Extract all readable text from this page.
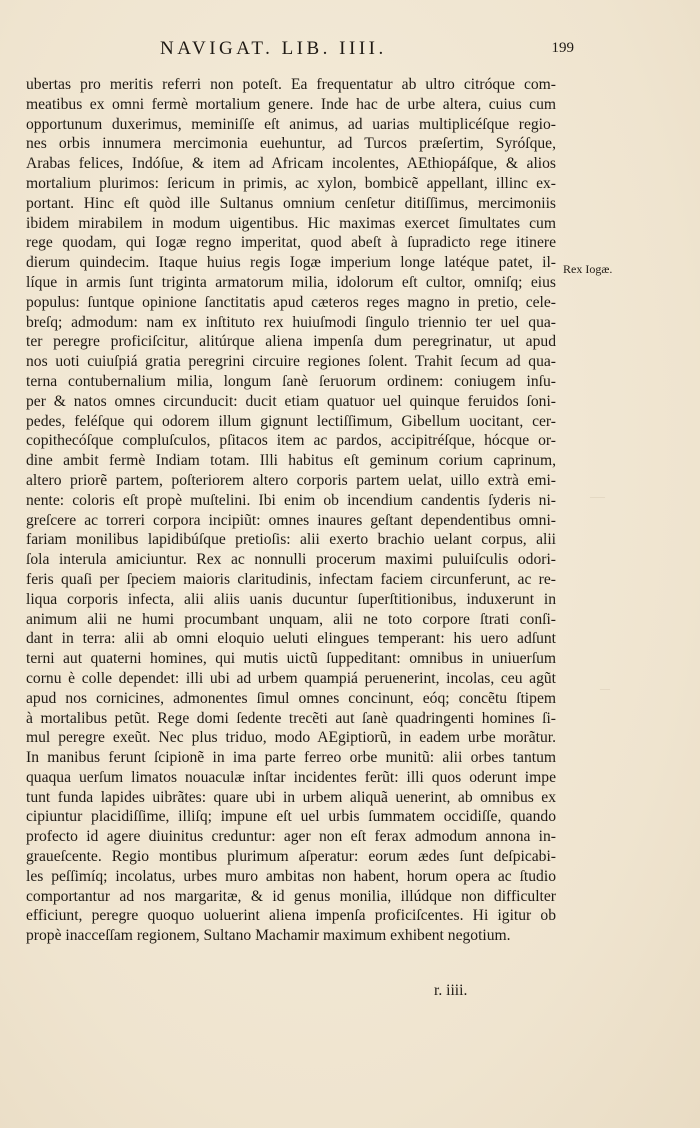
NAVIGAT. LIB. IIII.	199
ubertas pro meritis referri non poteſt. Ea frequentatur ab ultro citróque com-
meatibus ex omni fermè mortalium genere. Inde hac de urbe altera, cuius cum
opportunum duxerimus, meminiſſe eſt animus, ad uarias multiplicéſque regio-
nes orbis innumera mercimonia euehuntur, ad Turcos præſertim, Syróſque,
Arabas felices, Indóſue, & item ad Africam incolentes, AEthiopáſque, & alios
mortalium plurimos: ſericum in primis, ac xylon, bombicẽ appellant, illinc ex-
portant. Hinc eſt quòd ille Sultanus omnium cenſetur ditiſſimus, mercimoniis
ibidem mirabilem in modum uigentibus. Hic maximas exercet ſimultates cum
rege quodam, qui Iogæ regno imperitat, quod abeſt à ſupradicto rege itinere
dierum quindecim. Itaque huius regis Iogæ imperium longe latéque patet, il-
líque in armis ſunt triginta armatorum milia, idolorum eſt cultor, omniſq; eius
populus: ſuntque opinione ſanctitatis apud cæteros reges magno in pretio, cele-
breſq; admodum: nam ex inſtituto rex huiuſmodi ſingulo triennio ter uel qua-
ter peregre proficiſcitur, alitúrque aliena impenſa dum peregrinatur, ut apud
nos uoti cuiuſpiá gratia peregrini circuire regiones ſolent. Trahit ſecum ad qua-
terna contubernalium milia, longum ſanè ſeruorum ordinem: coniugem inſu-
per & natos omnes circunducit: ducit etiam quatuor uel quinque feruidos ſoni-
pedes, feléſque qui odorem illum gignunt lectiſſimum, Gibellum uocitant, cer-
copithecóſque compluſculos, pſitacos item ac pardos, accipitréſque, hócque or-
dine ambit fermè Indiam totam. Illi habitus eſt geminum corium caprinum,
altero priorẽ partem, poſteriorem altero corporis partem uelat, uillo extrà emi-
nente: coloris eſt propè muſtelini. Ibi enim ob incendium candentis ſyderis ni-
greſcere ac torreri corpora incipiũt: omnes inaures geſtant dependentibus omni-
fariam monilibus lapidibúſque pretioſis: alii exerto brachio uelant corpus, alii
ſola interula amiciuntur. Rex ac nonnulli procerum maximi puluiſculis odori-
feris quaſi per ſpeciem maioris claritudinis, infectam faciem circunferunt, ac re-
liqua corporis infecta, alii aliis uanis ducuntur ſuperſtitionibus, induxerunt in
animum alii ne humi procumbant unquam, alii ne toto corpore ſtrati conſi-
dant in terra: alii ab omni eloquio ueluti elingues temperant: his uero adſunt
terni aut quaterni homines, qui mutis uictũ ſuppeditant: omnibus in uniuerſum
cornu è colle dependet: illi ubi ad urbem quampiá peruenerint, incolas, ceu agũt
apud nos cornicines, admonentes ſimul omnes concinunt, eóq; concẽtu ſtipem
à mortalibus petũt. Rege domi ſedente trecẽti aut ſanè quadringenti homines ſi-
mul peregre exeũt. Nec plus triduo, modo AEgiptiorũ, in eadem urbe morãtur.
In manibus ferunt ſcipionẽ in ima parte ferreo orbe munitũ: alii orbes tantum
quaqua uerſum limatos nouaculæ inſtar incidentes ferũt: illi quos oderunt impe
tunt funda lapides uibrãtes: quare ubi in urbem aliquã uenerint, ab omnibus ex
cipiuntur placidiſſime, illiſq; impune eſt uel urbis ſummatem occidiſſe, quando
profecto id agere diuinitus creduntur: ager non eſt ferax admodum annona in-
graueſcente. Regio montibus plurimum aſperatur: eorum ædes ſunt deſpicabi-
les peſſimíq; incolatus, urbes muro ambitas non habent, horum opera ac ſtudio
comportantur ad nos margaritæ, & id genus monilia, illúdque non difficulter
efficiunt, peregre quoquo uoluerint aliena impenſa proficiſcentes. Hi igitur ob
propè inacceſſam regionem, Sultano Machamir maximum exhibent negotium.
Rex Iogæ.
r. iiii.
–––
––
